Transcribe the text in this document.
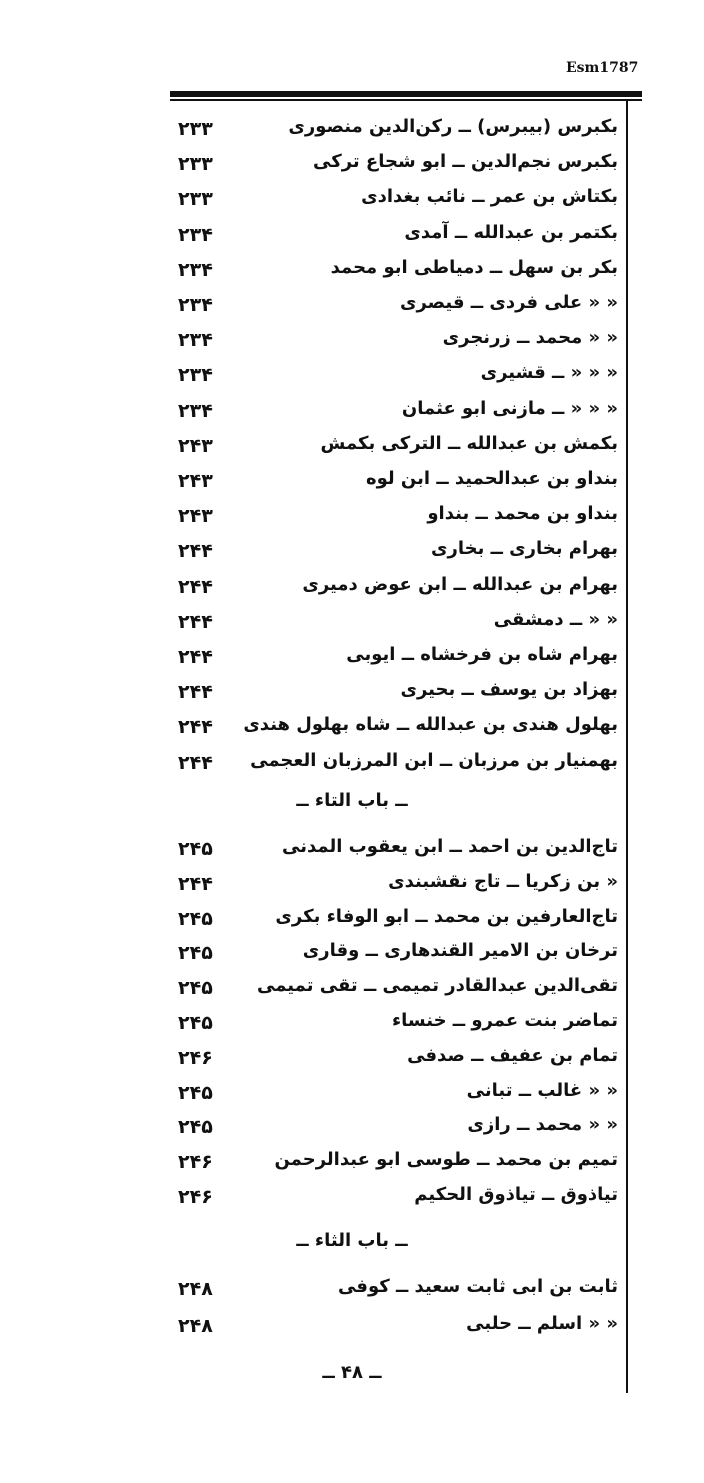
Esm1787
بکبرس (بیبرس) ــ رکن‌الدین منصوری
۲۳۳
بکبرس نجم‌الدین ــ ابو شجاع ترکی
۲۳۳
بکتاش بن عمر ــ نائب بغدادی
۲۳۳
بکتمر بن عبدالله ــ آمدی
۲۳۴
بکر بن سهل ــ دمیاطی ابو محمد
۲۳۴
« « علی فردی ــ قیصری
۲۳۴
« « محمد ــ زرنجری
۲۳۴
« « « ــ قشیری
۲۳۴
« « « ــ مازنی ابو عثمان
۲۳۴
بکمش بن عبدالله ــ الترکی بکمش
۲۴۳
بنداو بن عبدالحمید ــ ابن لوه
۲۴۳
بنداو بن محمد ــ بنداو
۲۴۳
بهرام بخاری ــ بخاری
۲۴۴
بهرام بن عبدالله ــ ابن عوض دمیری
۲۴۴
« « ــ دمشقی
۲۴۴
بهرام شاه بن فرخشاه ــ ایوبی
۲۴۴
بهزاد بن یوسف ــ بحیری
۲۴۴
بهلول هندی بن عبدالله ــ شاه بهلول هندی
۲۴۴
بهمنیار بن مرزبان ــ ابن المرزبان العجمی
۲۴۴
ــ باب التاء ــ
تاج‌الدین بن احمد ــ ابن یعقوب المدنی
۲۴۵
« بن زکریا ــ تاج نقشبندی
۲۴۴
تاج‌العارفین بن محمد ــ ابو الوفاء بکری
۲۴۵
ترخان بن الامیر القندهاری ــ وقاری
۲۴۵
تقی‌الدین عبدالقادر تمیمی ــ تقی تمیمی
۲۴۵
تماضر بنت عمرو ــ خنساء
۲۴۵
تمام بن عفیف ــ صدفی
۲۴۶
« « غالب ــ تبانی
۲۴۵
« « محمد ــ رازی
۲۴۵
تمیم بن محمد ــ طوسی ابو عبدالرحمن
۲۴۶
تیاذوق ــ تیاذوق الحکیم
۲۴۶
ــ باب الثاء ــ
ثابت بن ابی ثابت سعید ــ کوفی
۲۴۸
« « اسلم ــ حلبی
۲۴۸
ــ ۴۸ ــ
